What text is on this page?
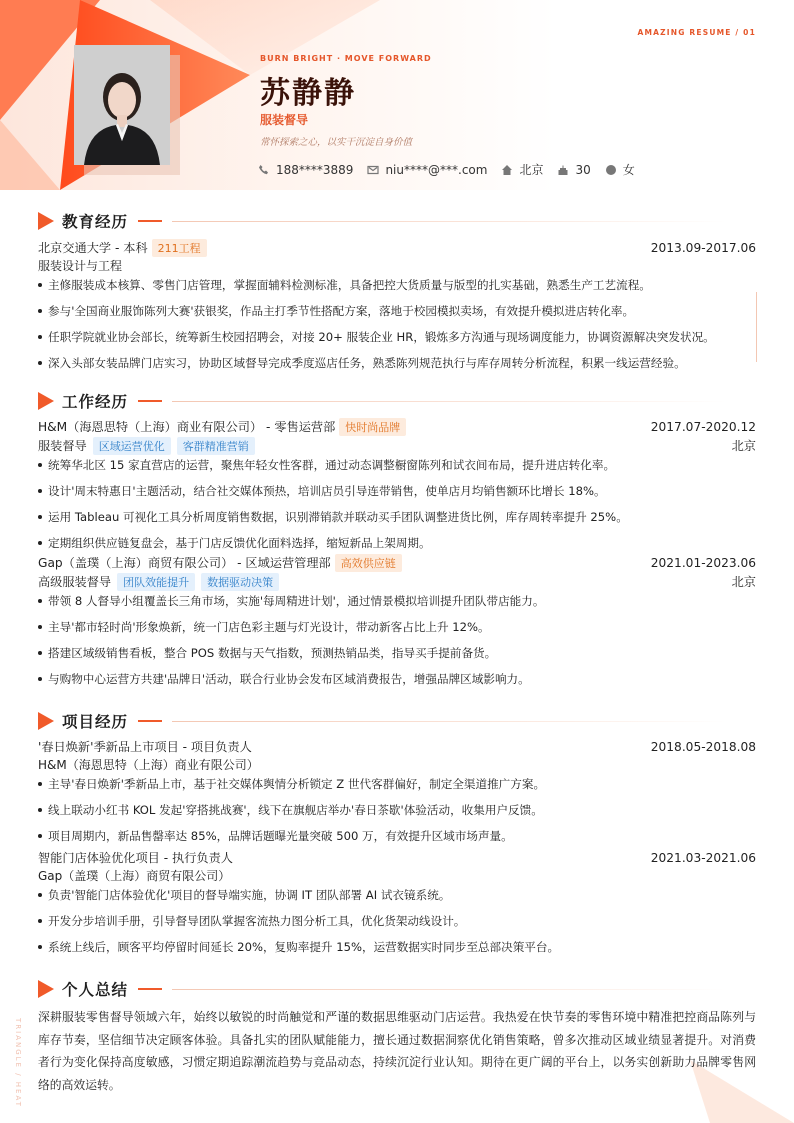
AMAZING RESUME / 01
BURN BRIGHT · MOVE FORWARD
苏静静
服装督导
常怀探索之心，以实干沉淀自身价值
188****3889	niu****@***.com	北京	30	女
教育经历
北京交通大学 - 本科 211工程	2013.09-2017.06
服装设计与工程
主修服装成本核算、零售门店管理，掌握面辅料检测标准，具备把控大货质量与版型的扎实基础，熟悉生产工艺流程。
参与'全国商业服饰陈列大赛'获银奖，作品主打季节性搭配方案，落地于校园模拟卖场，有效提升模拟进店转化率。
任职学院就业协会部长，统筹新生校园招聘会，对接 20+ 服装企业 HR，锻炼多方沟通与现场调度能力，协调资源解决突发状况。
深入头部女装品牌门店实习，协助区域督导完成季度巡店任务，熟悉陈列规范执行与库存周转分析流程，积累一线运营经验。
工作经历
H&M（海恩思特（上海）商业有限公司） - 零售运营部 快时尚品牌	2017.07-2020.12
服装督导	区域运营优化	客群精准营销	北京
统筹华北区 15 家直营店的运营，聚焦年轻女性客群，通过动态调整橱窗陈列和试衣间布局，提升进店转化率。
设计'周末特惠日'主题活动，结合社交媒体预热，培训店员引导连带销售，使单店月均销售额环比增长 18%。
运用 Tableau 可视化工具分析周度销售数据，识别滞销款并联动买手团队调整进货比例，库存周转率提升 25%。
定期组织供应链复盘会，基于门店反馈优化面料选择，缩短新品上架周期。
Gap（盖璞（上海）商贸有限公司） - 区域运营管理部 高效供应链	2021.01-2023.06
高级服装督导	团队效能提升	数据驱动决策	北京
带领 8 人督导小组覆盖长三角市场，实施'每周精进计划'，通过情景模拟培训提升团队带店能力。
主导'都市轻时尚'形象焕新，统一门店色彩主题与灯光设计，带动新客占比上升 12%。
搭建区域级销售看板，整合 POS 数据与天气指数，预测热销品类，指导买手提前备货。
与购物中心运营方共建'品牌日'活动，联合行业协会发布区域消费报告，增强品牌区域影响力。
项目经历
'春日焕新'季新品上市项目 - 项目负责人	2018.05-2018.08
H&M（海恩思特（上海）商业有限公司）
主导'春日焕新'季新品上市，基于社交媒体舆情分析锁定 Z 世代客群偏好，制定全渠道推广方案。
线上联动小红书 KOL 发起'穿搭挑战赛'，线下在旗舰店举办'春日茶歇'体验活动，收集用户反馈。
项目周期内，新品售罄率达 85%，品牌话题曝光量突破 500 万，有效提升区域市场声量。
智能门店体验优化项目 - 执行负责人	2021.03-2021.06
Gap（盖璞（上海）商贸有限公司）
负责'智能门店体验优化'项目的督导端实施，协调 IT 团队部署 AI 试衣镜系统。
开发分步培训手册，引导督导团队掌握客流热力图分析工具，优化货架动线设计。
系统上线后，顾客平均停留时间延长 20%，复购率提升 15%，运营数据实时同步至总部决策平台。
个人总结

深耕服装零售督导领域六年，始终以敏锐的时尚触觉和严谨的数据思维驱动门店运营。我热爱在快节奏的零售环境中精准把控商品陈列与库存节奏，坚信细节决定顾客体验。具备扎实的团队赋能能力，擅长通过数据洞察优化销售策略，曾多次推动区域业绩显著提升。对消费者行为变化保持高度敏感，习惯定期追踪潮流趋势与竞品动态，持续沉淀行业认知。期待在更广阔的平台上，以务实创新助力品牌零售网络的高效运转。

TRIANGLE / HEAT
